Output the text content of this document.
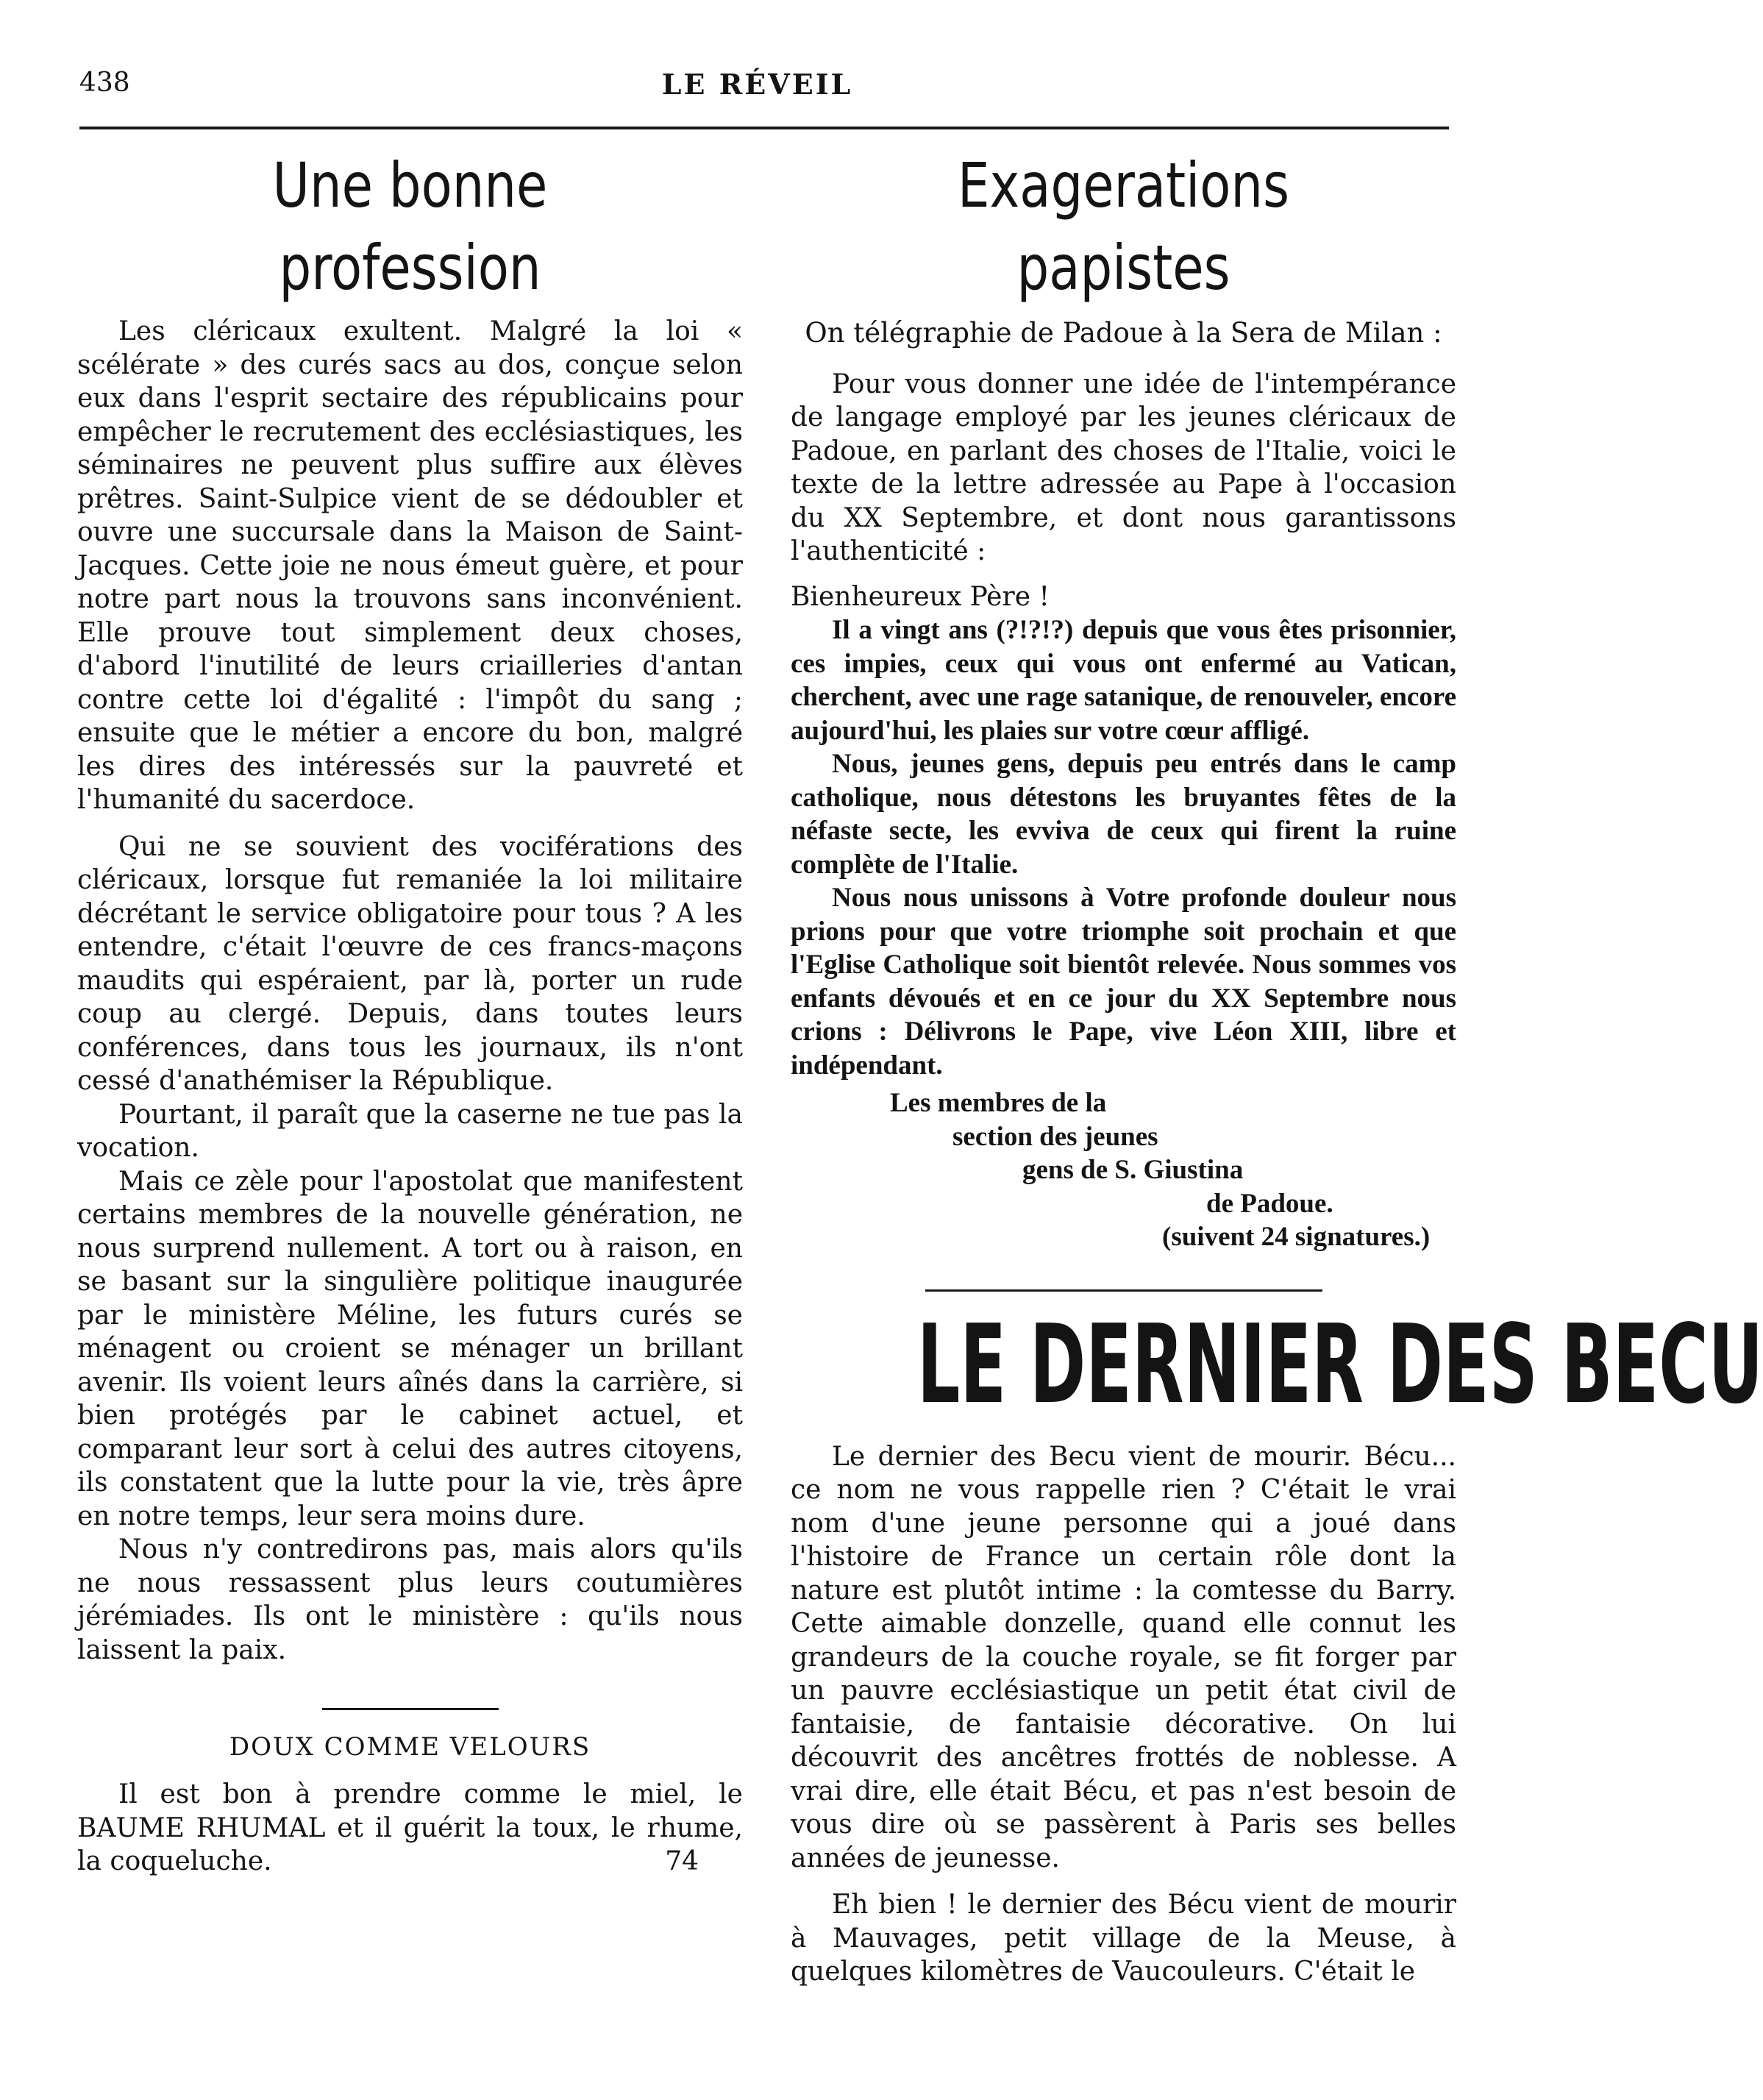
438	LE RÉVEIL
Une bonne profession

Les cléricaux exultent. Malgré la loi « scélérate » des curés sacs au dos, conçue selon eux dans l'esprit sectaire des républicains pour empêcher le recrutement des ecclésiastiques, les séminaires ne peuvent plus suffire aux élèves prêtres. Saint-Sulpice vient de se dédoubler et ouvre une succursale dans la Maison de Saint-Jacques. Cette joie ne nous émeut guère, et pour notre part nous la trouvons sans inconvénient. Elle prouve tout simplement deux choses, d'abord l'inutilité de leurs criailleries d'antan contre cette loi d'égalité : l'impôt du sang ; ensuite que le métier a encore du bon, malgré les dires des intéressés sur la pauvreté et l'humanité du sacerdoce.

Qui ne se souvient des vociférations des cléricaux, lorsque fut remaniée la loi militaire décrétant le service obligatoire pour tous ? A les entendre, c'était l'œuvre de ces francs-maçons maudits qui espéraient, par là, porter un rude coup au clergé. Depuis, dans toutes leurs conférences, dans tous les journaux, ils n'ont cessé d'anathémiser la République.

Pourtant, il paraît que la caserne ne tue pas la vocation.

Mais ce zèle pour l'apostolat que manifestent certains membres de la nouvelle génération, ne nous surprend nullement. A tort ou à raison, en se basant sur la singulière politique inaugurée par le ministère Méline, les futurs curés se ménagent ou croient se ménager un brillant avenir. Ils voient leurs aînés dans la carrière, si bien protégés par le cabinet actuel, et comparant leur sort à celui des autres citoyens, ils constatent que la lutte pour la vie, très âpre en notre temps, leur sera moins dure.

Nous n'y contredirons pas, mais alors qu'ils ne nous ressassent plus leurs coutumières jérémiades. Ils ont le ministère : qu'ils nous laissent la paix.

DOUX COMME VELOURS

Il est bon à prendre comme le miel, le BAUME RHUMAL et il guérit la toux, le rhume, la coqueluche.	74

Exagerations papistes

On télégraphie de Padoue à la Sera de Milan :

Pour vous donner une idée de l'intempérance de langage employé par les jeunes cléricaux de Padoue, en parlant des choses de l'Italie, voici le texte de la lettre adressée au Pape à l'occasion du XX Septembre, et dont nous garantissons l'authenticité :

Bienheureux Père !

Il a vingt ans (?!?!?) depuis que vous êtes prisonnier, ces impies, ceux qui vous ont enfermé au Vatican, cherchent, avec une rage satanique, de renouveler, encore aujourd'hui, les plaies sur votre cœur affligé.

Nous, jeunes gens, depuis peu entrés dans le camp catholique, nous détestons les bruyantes fêtes de la néfaste secte, les evviva de ceux qui firent la ruine complète de l'Italie.

Nous nous unissons à Votre profonde douleur nous prions pour que votre triomphe soit prochain et que l'Eglise Catholique soit bientôt relevée. Nous sommes vos enfants dévoués et en ce jour du XX Septembre nous crions : Délivrons le Pape, vive Léon XIII, libre et indépendant.

Les membres de la
section des jeunes
gens de S. Giustina
de Padoue.
(suivent 24 signatures.)
LE DERNIER DES BECU

Le dernier des Becu vient de mourir. Bécu... ce nom ne vous rappelle rien ? C'était le vrai nom d'une jeune personne qui a joué dans l'histoire de France un certain rôle dont la nature est plutôt intime : la comtesse du Barry. Cette aimable donzelle, quand elle connut les grandeurs de la couche royale, se fit forger par un pauvre ecclésiastique un petit état civil de fantaisie, de fantaisie décorative. On lui découvrit des ancêtres frottés de noblesse. A vrai dire, elle était Bécu, et pas n'est besoin de vous dire où se passèrent à Paris ses belles années de jeunesse.

Eh bien ! le dernier des Bécu vient de mourir à Mauvages, petit village de la Meuse, à quelques kilomètres de Vaucouleurs. C'était le
